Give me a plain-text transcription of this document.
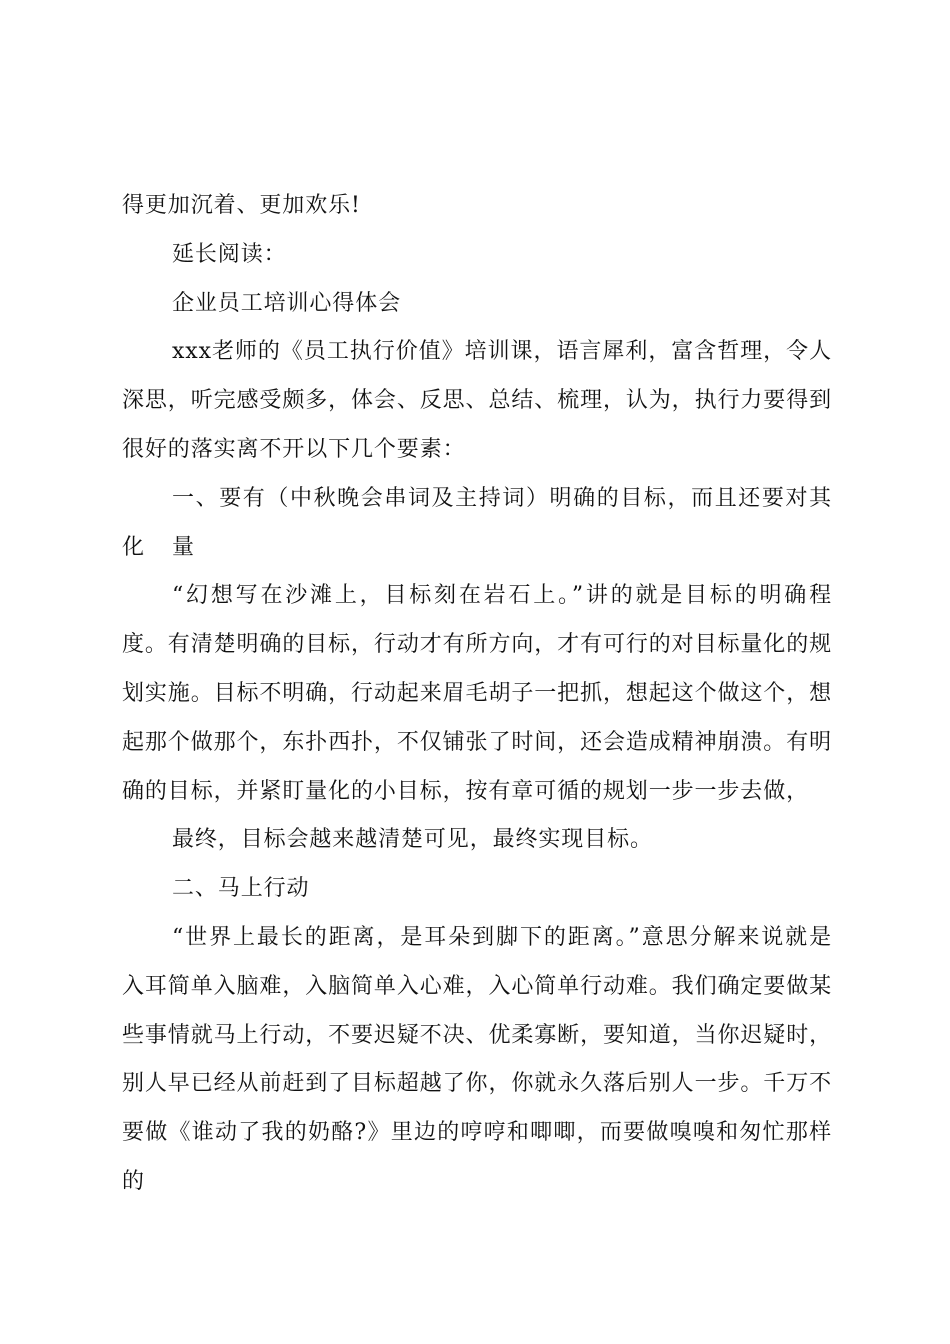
得更加沉着、更加欢乐!
延长阅读：
企业员工培训心得体会
xxx老师的《员工执行价值》培训课，语言犀利，富含哲理，令人
深思，听完感受颇多，体会、反思、总结、梳理，认为，执行力要得到
很好的落实离不开以下几个要素：
一、要有（中秋晚会串词及主持词）明确的目标，而且还要对其量
化
“幻想写在沙滩上，目标刻在岩石上。”讲的就是目标的明确程
度。有清楚明确的目标，行动才有所方向，才有可行的对目标量化的规
划实施。目标不明确，行动起来眉毛胡子一把抓，想起这个做这个，想
起那个做那个，东扑西扑，不仅铺张了时间，还会造成精神崩溃。有明
确的目标，并紧盯量化的小目标，按有章可循的规划一步一步去做，
最终，目标会越来越清楚可见，最终实现目标。
二、马上行动
“世界上最长的距离，是耳朵到脚下的距离。”意思分解来说就是
入耳简单入脑难，入脑简单入心难，入心简单行动难。我们确定要做某
些事情就马上行动，不要迟疑不决、优柔寡断，要知道，当你迟疑时，
别人早已经从前赶到了目标超越了你，你就永久落后别人一步。千万不
要做《谁动了我的奶酪?》里边的哼哼和唧唧，而要做嗅嗅和匆忙那样的
